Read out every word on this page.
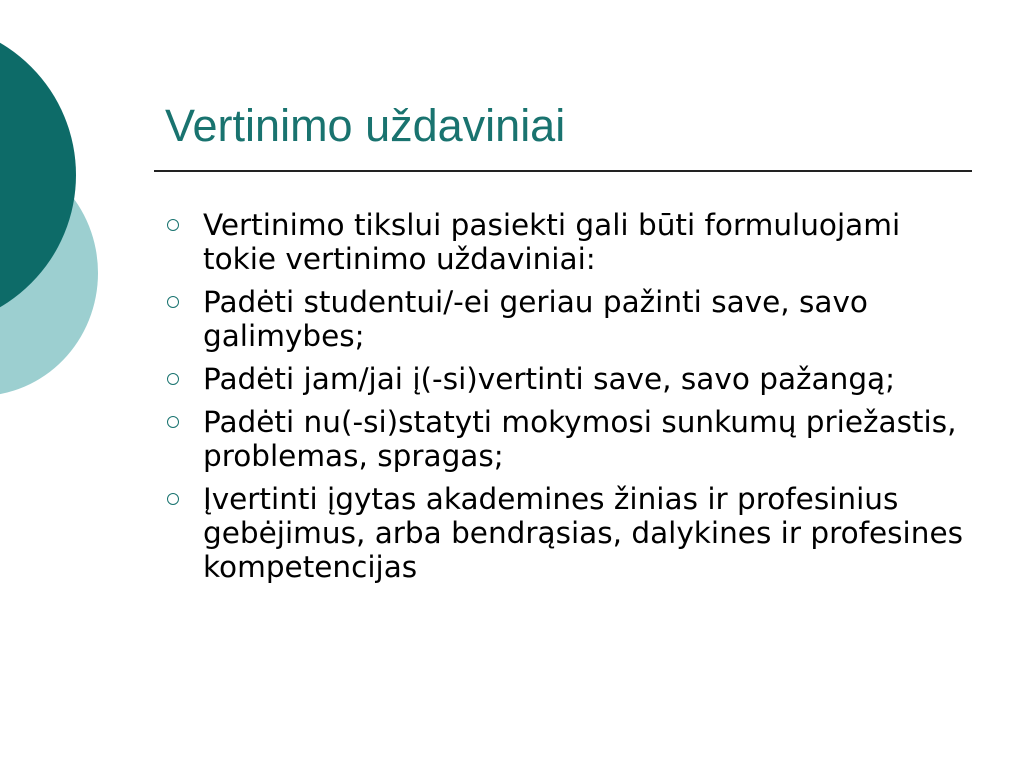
Vertinimo uždaviniai
Vertinimo tikslui pasiekti gali būti formuluojami tokie vertinimo uždaviniai:
Padėti studentui/-ei geriau pažinti save, savo galimybes;
Padėti jam/jai į(-si)vertinti save, savo pažangą;
Padėti nu(-si)statyti mokymosi sunkumų priežastis, problemas, spragas;
Įvertinti įgytas akademines žinias ir profesinius gebėjimus, arba bendrąsias, dalykines ir profesines kompetencijas
